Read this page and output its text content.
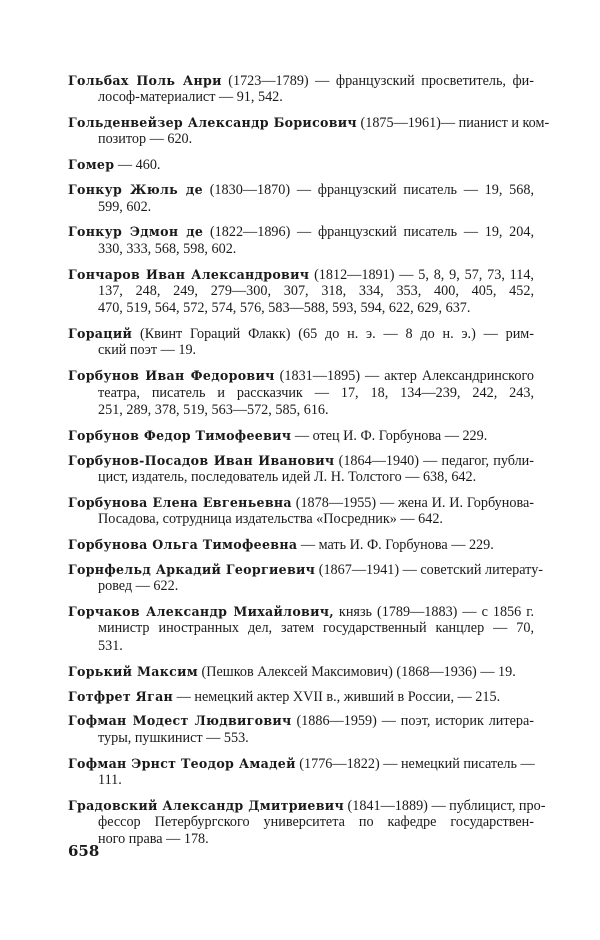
Гольбах Поль Анри (1723—1789) — французский просветитель, фи-
лософ-материалист — 91, 542.
Гольденвейзер Александр Борисович (1875—1961)— пианист и ком-
позитор — 620.
Гомер — 460.
Гонкур Жюль де (1830—1870) — французский писатель — 19, 568,
599, 602.
Гонкур Эдмон де (1822—1896) — французский писатель — 19, 204,
330, 333, 568, 598, 602.
Гончаров Иван Александрович (1812—1891) — 5, 8, 9, 57, 73, 114,
137, 248, 249, 279—300, 307, 318, 334, 353, 400, 405, 452,
470, 519, 564, 572, 574, 576, 583—588, 593, 594, 622, 629, 637.
Гораций (Квинт Гораций Флакк) (65 до н. э. — 8 до н. э.) — рим-
ский поэт — 19.
Горбунов Иван Федорович (1831—1895) — актер Александринского
театра, писатель и рассказчик — 17, 18, 134—239, 242, 243,
251, 289, 378, 519, 563—572, 585, 616.
Горбунов Федор Тимофеевич — отец И. Ф. Горбунова — 229.
Горбунов-Посадов Иван Иванович (1864—1940) — педагог, публи-
цист, издатель, последователь идей Л. Н. Толстого — 638, 642.
Горбунова Елена Евгеньевна (1878—1955) — жена И. И. Горбунова-
Посадова, сотрудница издательства «Посредник» — 642.
Горбунова Ольга Тимофеевна — мать И. Ф. Горбунова — 229.
Горнфельд Аркадий Георгиевич (1867—1941) — советский литерату-
ровед — 622.
Горчаков Александр Михайлович, князь (1789—1883) — с 1856 г.
министр иностранных дел, затем государственный канцлер — 70,
531.
Горький Максим (Пешков Алексей Максимович) (1868—1936) — 19.
Готфрет Яган — немецкий актер XVII в., живший в России, — 215.
Гофман Модест Людвигович (1886—1959) — поэт, историк литера-
туры, пушкинист — 553.
Гофман Эрнст Теодор Амадей (1776—1822) — немецкий писатель —
111.
Градовский Александр Дмитриевич (1841—1889) — публицист, про-
фессор Петербургского университета по кафедре государствен-
ного права — 178.
658
